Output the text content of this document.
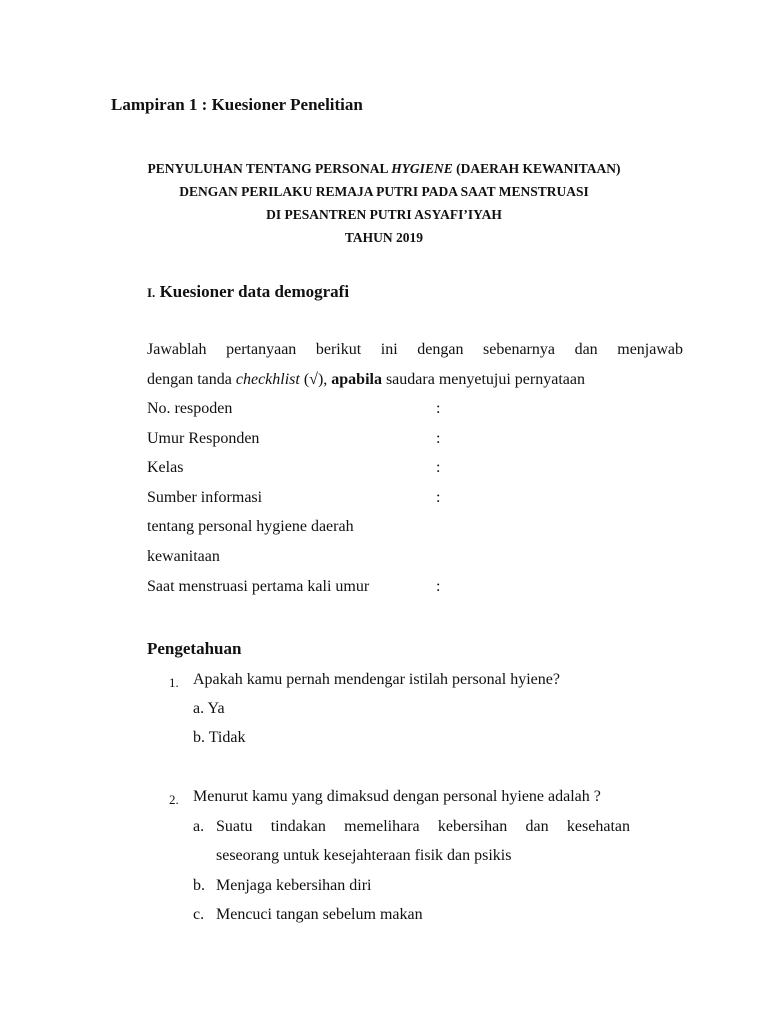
Lampiran 1 : Kuesioner Penelitian
PENYULUHAN TENTANG PERSONAL HYGIENE (DAERAH KEWANITAAN)
DENGAN PERILAKU REMAJA PUTRI PADA SAAT MENSTRUASI
DI PESANTREN PUTRI ASYAFI’IYAH
TAHUN 2019
I. Kuesioner data demografi
Jawablah pertanyaan berikut ini dengan sebenarnya dan menjawab
dengan tanda checkhlist (√), apabila saudara menyetujui pernyataan
No. respoden	:
Umur Responden	:
Kelas	:
Sumber informasi	:
tentang personal hygiene daerah
kewanitaan
Saat menstruasi pertama kali umur	:
Pengetahuan
1. Apakah kamu pernah mendengar istilah personal hyiene?
a. Ya
b. Tidak
2. Menurut kamu yang dimaksud dengan personal hyiene adalah ?
a. Suatu tindakan memelihara kebersihan dan kesehatan
seseorang untuk kesejahteraan fisik dan psikis
b. Menjaga kebersihan diri
c. Mencuci tangan sebelum makan
